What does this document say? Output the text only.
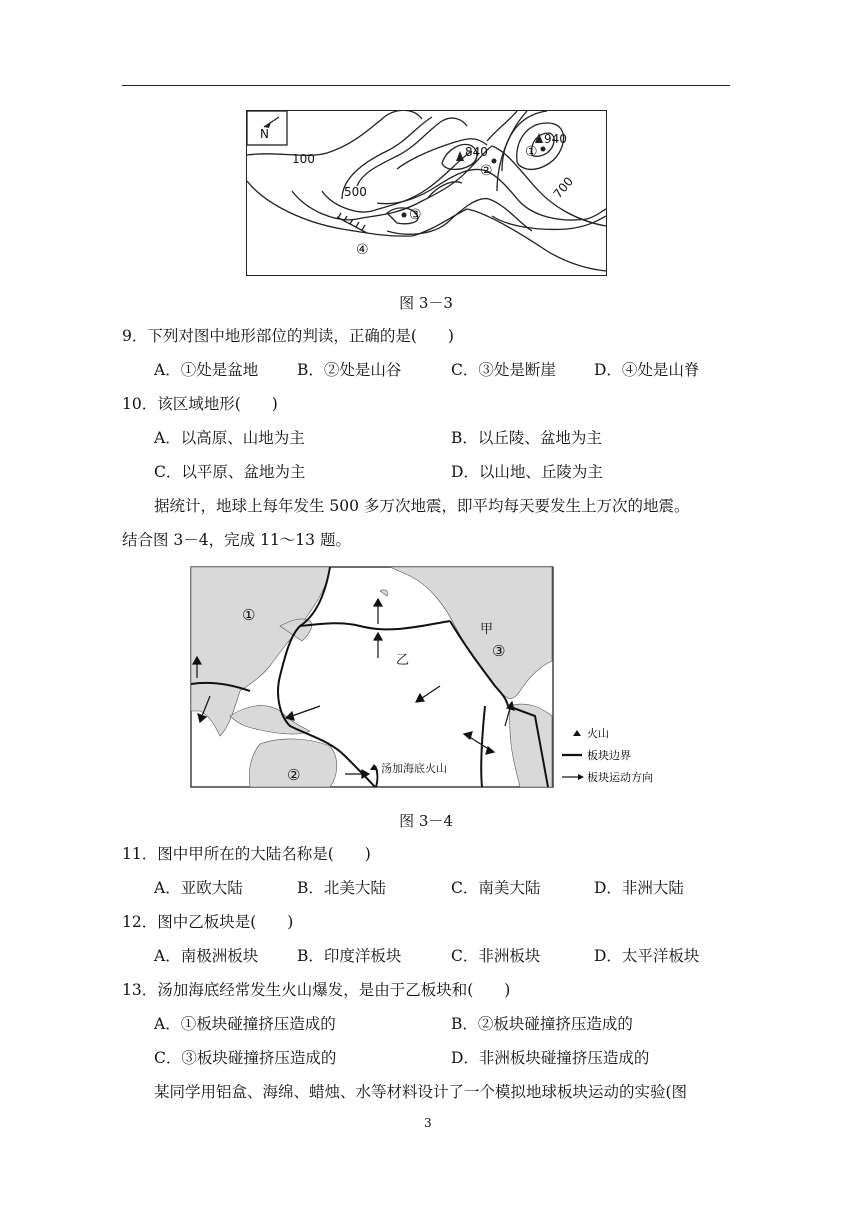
N
100
500	700
840
940
①
②
③
④
图 3－3
9．下列对图中地形部位的判读，正确的是(　　)
A．①处是盆地	B．②处是山谷	C．③处是断崖 D．④处是山脊
10．该区域地形(　　)
A．以高原、山地为主	B．以丘陵、盆地为主
C．以平原、盆地为主	D．以山地、丘陵为主
据统计，地球上每年发生 500 多万次地震，即平均每天要发生上万次的地震。
结合图 3－4，完成 11～13 题。
①
②
③
甲
乙
汤加海底火山
火山
板块边界
板块运动方向
图 3－4
11．图中甲所在的大陆名称是(　　)
A．亚欧大陆	B．北美大陆	C．南美大陆	D．非洲大陆
12．图中乙板块是(　　)
A．南极洲板块	B．印度洋板块	C．非洲板块	D．太平洋板块
13．汤加海底经常发生火山爆发，是由于乙板块和(　　)
A．①板块碰撞挤压造成的	B．②板块碰撞挤压造成的
C．③板块碰撞挤压造成的	D．非洲板块碰撞挤压造成的
某同学用铝盒、海绵、蜡烛、水等材料设计了一个模拟地球板块运动的实验(图
3
